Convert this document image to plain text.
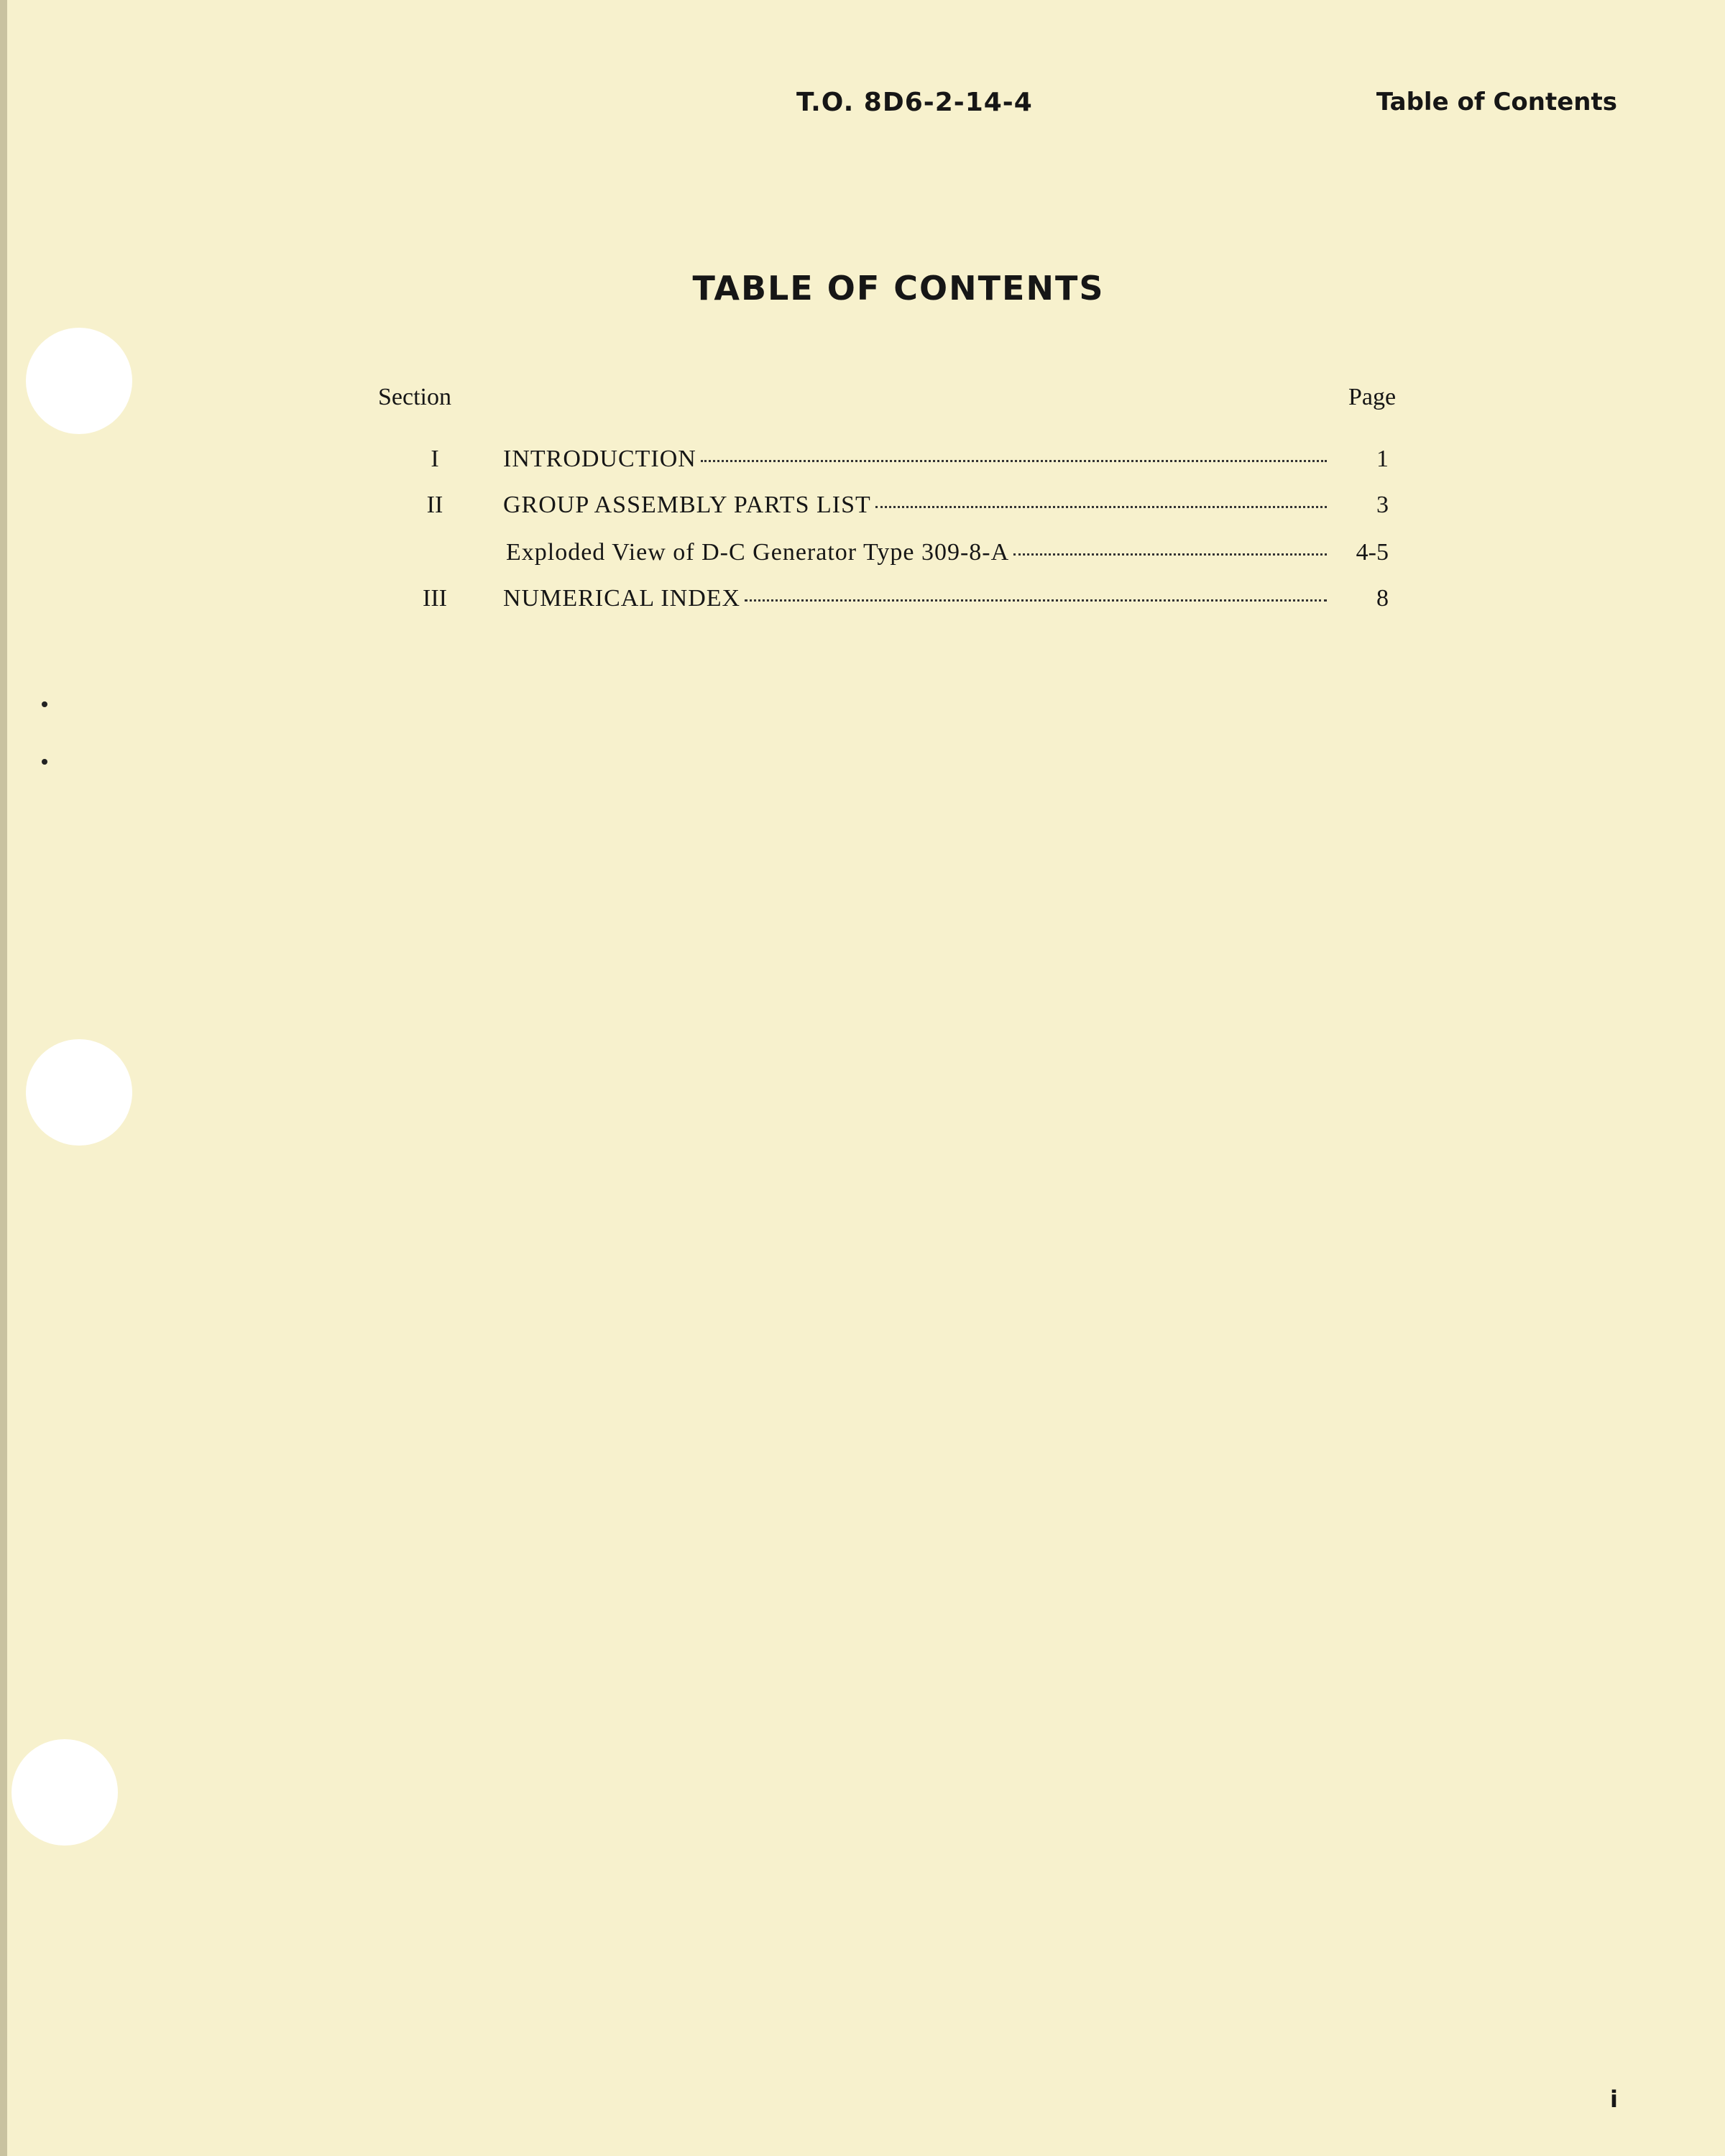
T.O. 8D6-2-14-4	Table of Contents
TABLE OF CONTENTS
Section	Page
I	INTRODUCTION	1
II	GROUP ASSEMBLY PARTS LIST	3
Exploded View of D-C Generator Type 309-8-A	4-5
III	NUMERICAL INDEX	8
i
